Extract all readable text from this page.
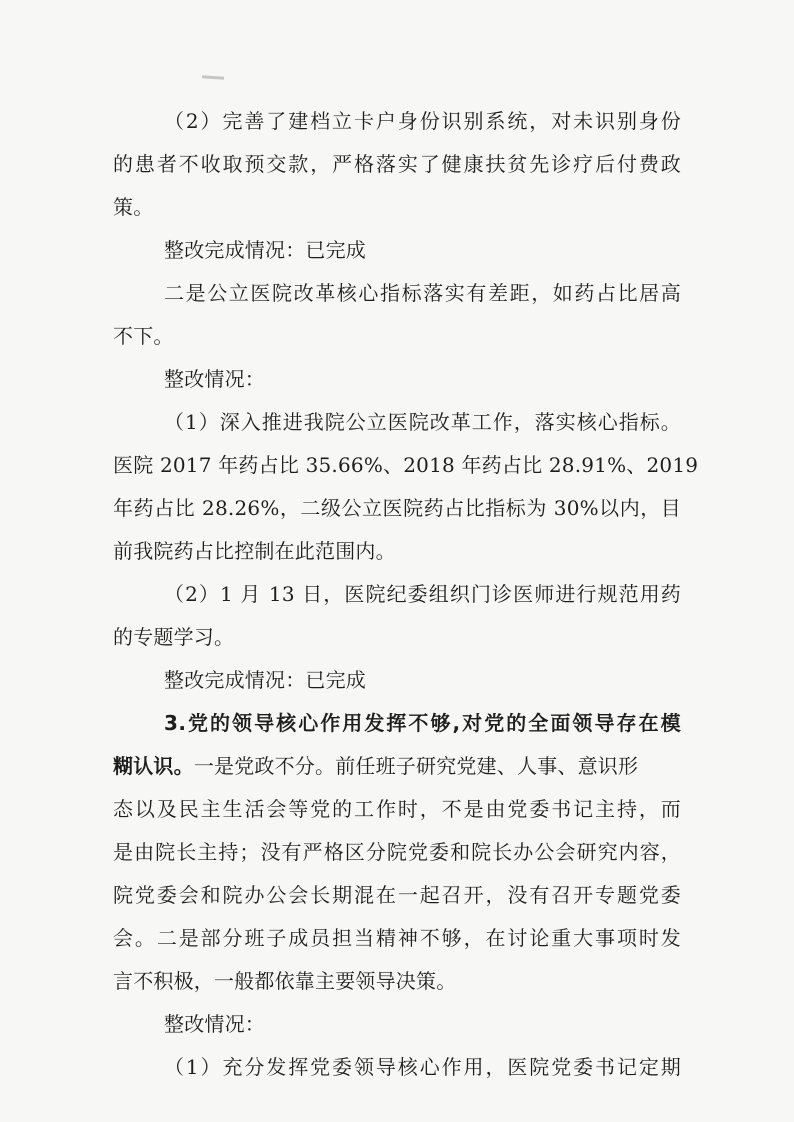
（2）完善了建档立卡户身份识别系统，对未识别身份
的患者不收取预交款，严格落实了健康扶贫先诊疗后付费政
策。
整改完成情况：已完成
二是公立医院改革核心指标落实有差距，如药占比居高
不下。
整改情况：
（1）深入推进我院公立医院改革工作，落实核心指标。
医院 2017 年药占比 35.66%、2018 年药占比 28.91%、2019
年药占比 28.26%，二级公立医院药占比指标为 30%以内，目
前我院药占比控制在此范围内。
（2）1 月 13 日，医院纪委组织门诊医师进行规范用药
的专题学习。
整改完成情况：已完成
3.党的领导核心作用发挥不够,对党的全面领导存在模
糊认识。一是党政不分。前任班子研究党建、人事、意识形
态以及民主生活会等党的工作时，不是由党委书记主持，而
是由院长主持；没有严格区分院党委和院长办公会研究内容，
院党委会和院办公会长期混在一起召开，没有召开专题党委
会。二是部分班子成员担当精神不够，在讨论重大事项时发
言不积极，一般都依靠主要领导决策。
整改情况：
（1）充分发挥党委领导核心作用，医院党委书记定期
